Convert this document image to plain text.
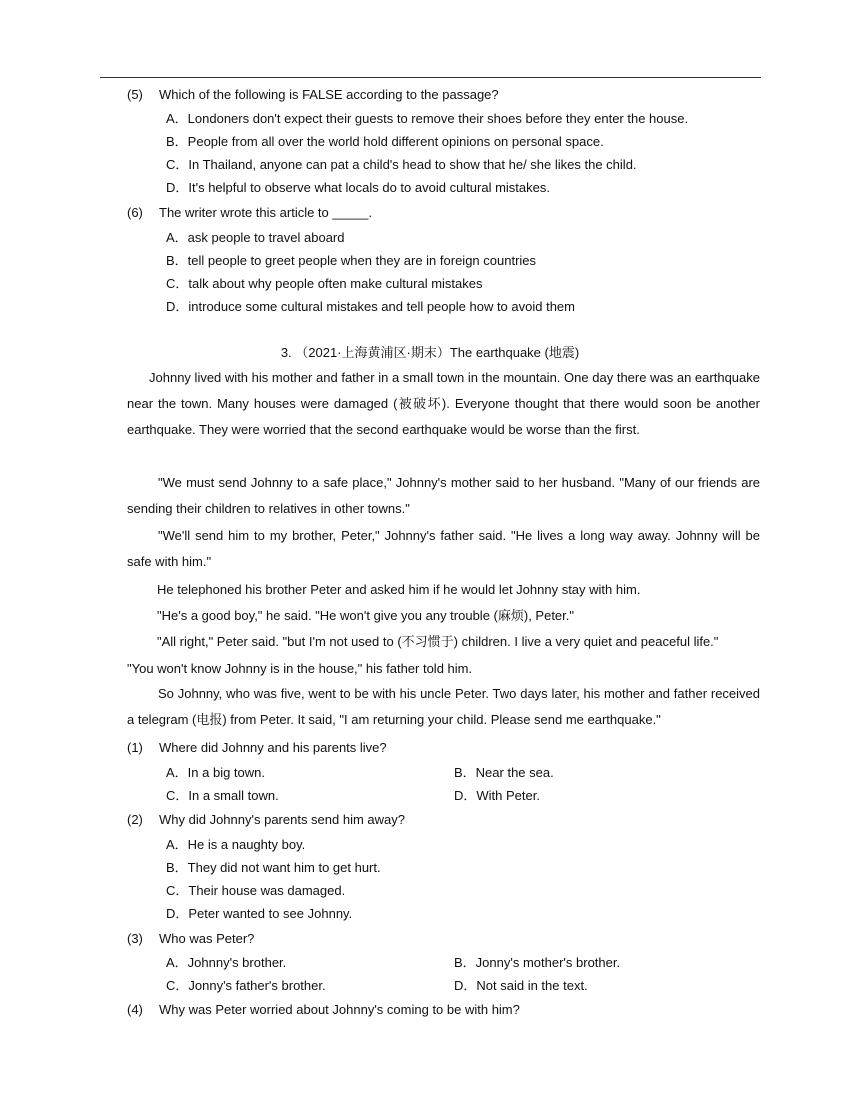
(5) Which of the following is FALSE according to the passage?
A．Londoners don't expect their guests to remove their shoes before they enter the house.
B．People from all over the world hold different opinions on personal space.
C．In Thailand, anyone can pat a child's head to show that he/ she likes the child.
D．It's helpful to observe what locals do to avoid cultural mistakes.
(6) The writer wrote this article to _____.
A．ask people to travel aboard
B．tell people to greet people when they are in foreign countries
C．talk about why people often make cultural mistakes
D．introduce some cultural mistakes and tell people how to avoid them
3. （2021·上海黄浦区·期末）The earthquake (地震)
Johnny lived with his mother and father in a small town in the mountain. One day there was an earthquake near the town. Many houses were damaged (被破坏). Everyone thought that there would soon be another earthquake. They were worried that the second earthquake would be worse than the first.
"We must send Johnny to a safe place," Johnny's mother said to her husband. "Many of our friends are sending their children to relatives in other towns."
"We'll send him to my brother, Peter," Johnny's father said. "He lives a long way away. Johnny will be safe with him."
He telephoned his brother Peter and asked him if he would let Johnny stay with him.
"He's a good boy," he said. "He won't give you any trouble (麻烦), Peter."
"All right," Peter said. "but I'm not used to (不习惯于) children. I live a very quiet and peaceful life."
"You won't know Johnny is in the house," his father told him.
So Johnny, who was five, went to be with his uncle Peter. Two days later, his mother and father received a telegram (电报) from Peter. It said, "I am returning your child. Please send me earthquake."
(1) Where did Johnny and his parents live?
A．In a big town.	B．Near the sea.
C．In a small town.	D．With Peter.
(2) Why did Johnny's parents send him away?
A．He is a naughty boy.
B．They did not want him to get hurt.
C．Their house was damaged.
D．Peter wanted to see Johnny.
(3) Who was Peter?
A．Johnny's brother.	B．Jonny's mother's brother.
C．Jonny's father's brother.	D．Not said in the text.
(4) Why was Peter worried about Johnny's coming to be with him?
